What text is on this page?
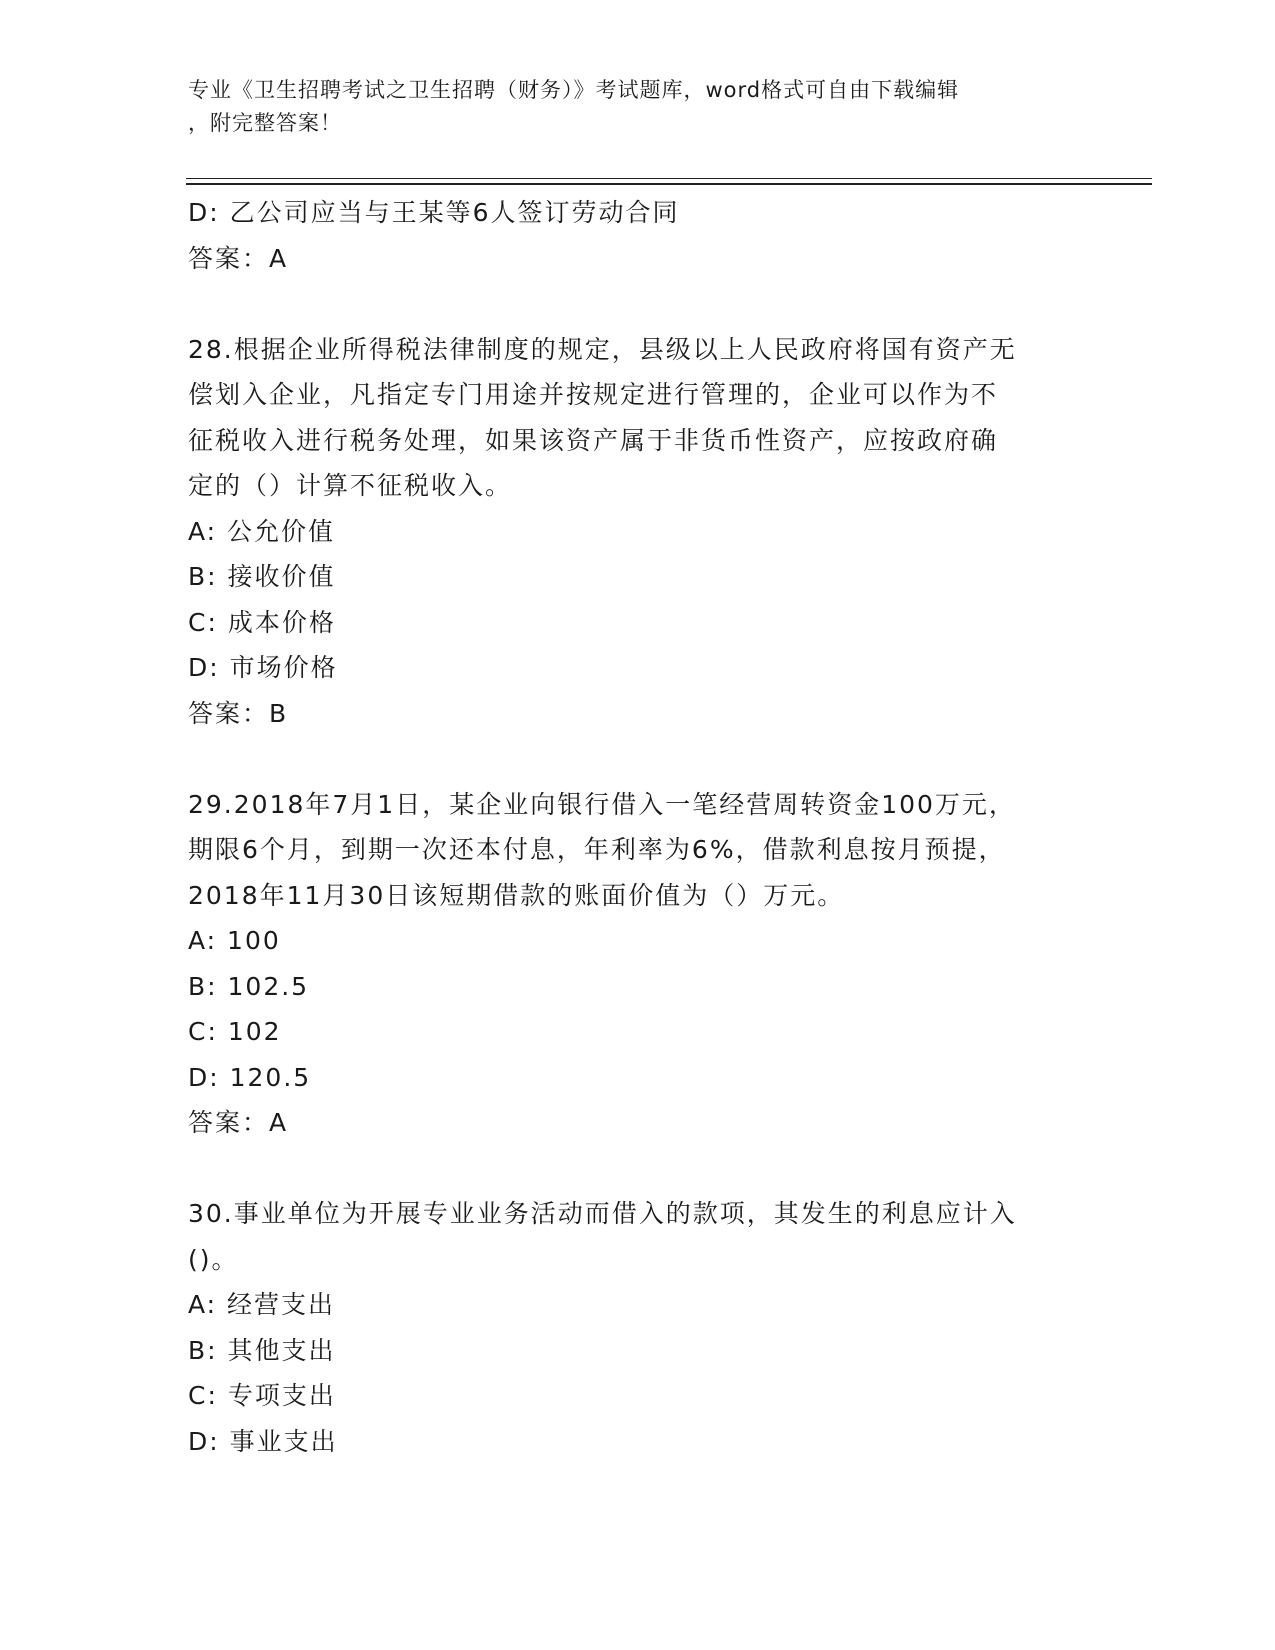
专业《卫生招聘考试之卫生招聘（财务）》考试题库，word格式可自由下载编辑
，附完整答案！
D: 乙公司应当与王某等6人签订劳动合同
答案：A
28.根据企业所得税法律制度的规定，县级以上人民政府将国有资产无
偿划入企业，凡指定专门用途并按规定进行管理的，企业可以作为不
征税收入进行税务处理，如果该资产属于非货币性资产，应按政府确
定的（）计算不征税收入。
A: 公允价值
B: 接收价值
C: 成本价格
D: 市场价格
答案：B
29.2018年7月1日，某企业向银行借入一笔经营周转资金100万元，
期限6个月，到期一次还本付息，年利率为6%，借款利息按月预提，
2018年11月30日该短期借款的账面价值为（）万元。
A: 100
B: 102.5
C: 102
D: 120.5
答案：A
30.事业单位为开展专业业务活动而借入的款项，其发生的利息应计入
()。
A: 经营支出
B: 其他支出
C: 专项支出
D: 事业支出
